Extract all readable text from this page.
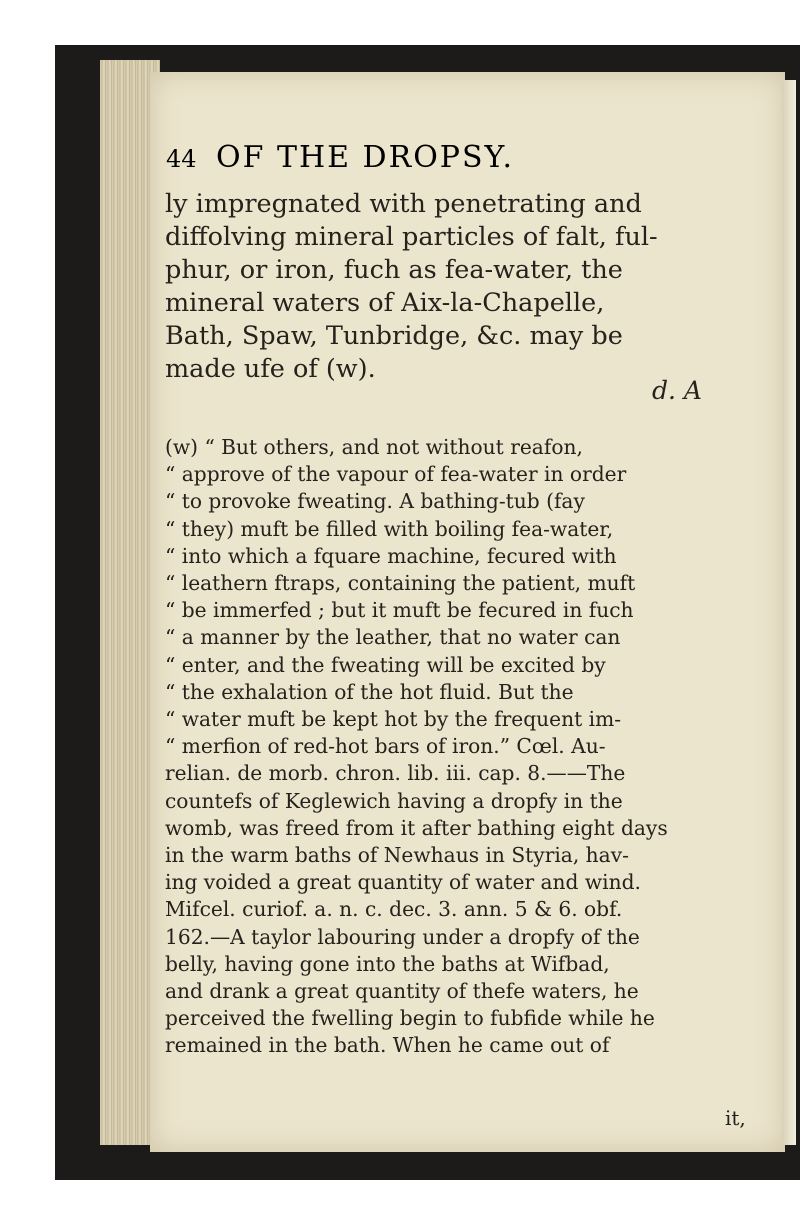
44 OF THE DROPSY.
ly impregnated with penetrating and
diffolving mineral particles of falt, ful-
phur, or iron, fuch as fea-water, the
mineral waters of Aix-la-Chapelle,
Bath, Spaw, Tunbridge, &c. may be
made ufe of (w).
d. A
(w) “ But others, and not without reafon,
“ approve of the vapour of fea-water in order
“ to provoke fweating. A bathing-tub (fay
“ they) muft be filled with boiling fea-water,
“ into which a fquare machine, fecured with
“ leathern ftraps, containing the patient, muft
“ be immerfed ; but it muft be fecured in fuch
“ a manner by the leather, that no water can
“ enter, and the fweating will be excited by
“ the exhalation of the hot fluid. But the
“ water muft be kept hot by the frequent im-
“ merfion of red-hot bars of iron.” Cœl. Au-
relian. de morb. chron. lib. iii. cap. 8.——The
countefs of Keglewich having a dropfy in the
womb, was freed from it after bathing eight days
in the warm baths of Newhaus in Styria, hav-
ing voided a great quantity of water and wind.
Mifcel. curiof. a. n. c. dec. 3. ann. 5 & 6. obf.
162.—A taylor labouring under a dropfy of the
belly, having gone into the baths at Wifbad,
and drank a great quantity of thefe waters, he
perceived the fwelling begin to fubfide while he
remained in the bath. When he came out of
it,
